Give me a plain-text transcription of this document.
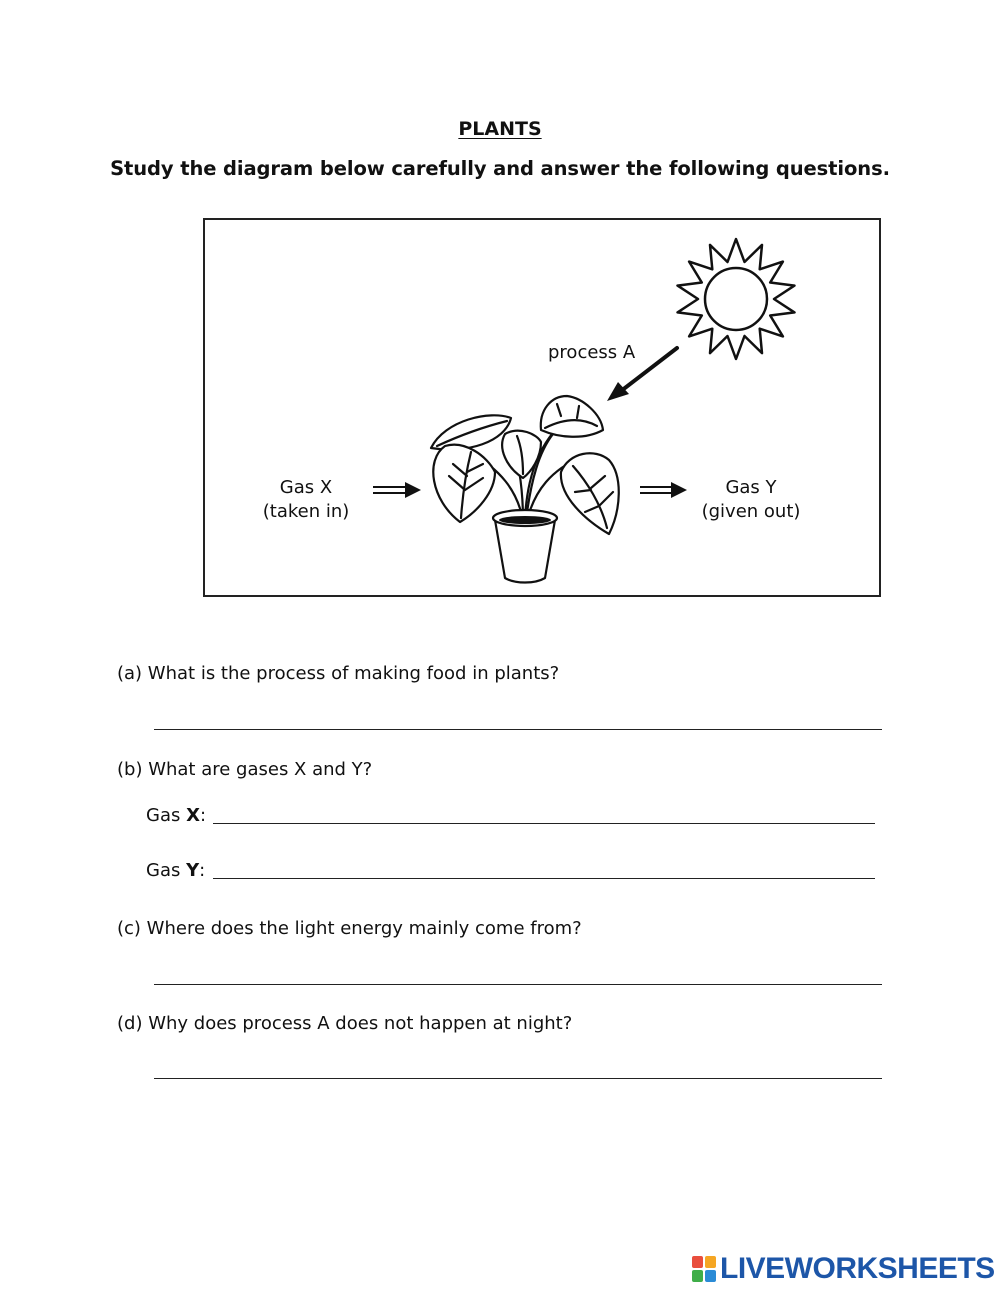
PLANTS
Study the diagram below carefully and answer the following questions.
process A
Gas X
(taken in)
Gas Y
(given out)
(a) What is the process of making food in plants?
(b) What are gases X and Y?
Gas X:
Gas Y:
(c) Where does the light energy mainly come from?
(d) Why does process A does not happen at night?
LIVEWORKSHEETS
